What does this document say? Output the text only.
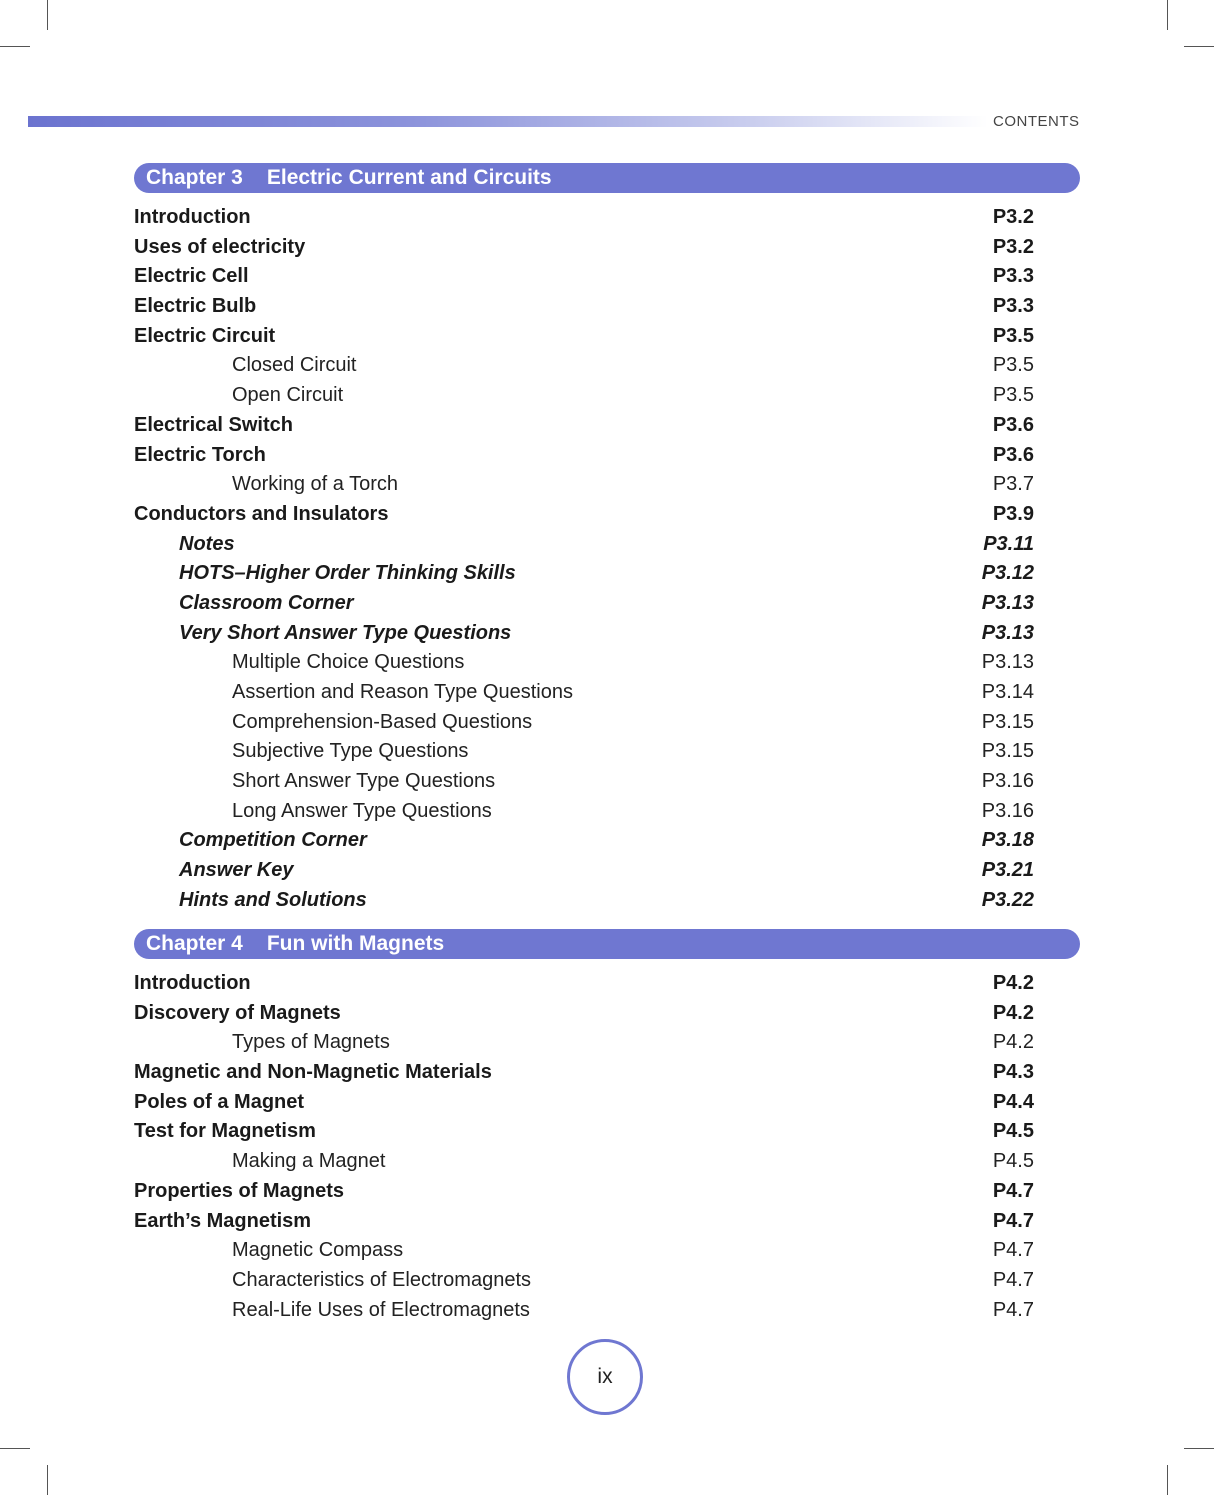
CONTENTS
Chapter 3 Electric Current and Circuits
Introduction	P3.2
Uses of electricity	P3.2
Electric Cell	P3.3
Electric Bulb	P3.3
Electric Circuit	P3.5
Closed Circuit	P3.5
Open Circuit	P3.5
Electrical Switch	P3.6
Electric Torch	P3.6
Working of a Torch	P3.7
Conductors and Insulators	P3.9
Notes	P3.11
HOTS–Higher Order Thinking Skills	P3.12
Classroom Corner	P3.13
Very Short Answer Type Questions	P3.13
Multiple Choice Questions	P3.13
Assertion and Reason Type Questions	P3.14
Comprehension-Based Questions	P3.15
Subjective Type Questions	P3.15
Short Answer Type Questions	P3.16
Long Answer Type Questions	P3.16
Competition Corner	P3.18
Answer Key	P3.21
Hints and Solutions	P3.22
Chapter 4 Fun with Magnets
Introduction	P4.2
Discovery of Magnets	P4.2
Types of Magnets	P4.2
Magnetic and Non-Magnetic Materials	P4.3
Poles of a Magnet	P4.4
Test for Magnetism	P4.5
Making a Magnet	P4.5
Properties of Magnets	P4.7
Earth’s Magnetism	P4.7
Magnetic Compass	P4.7
Characteristics of Electromagnets	P4.7
Real-Life Uses of Electromagnets	P4.7
ix
